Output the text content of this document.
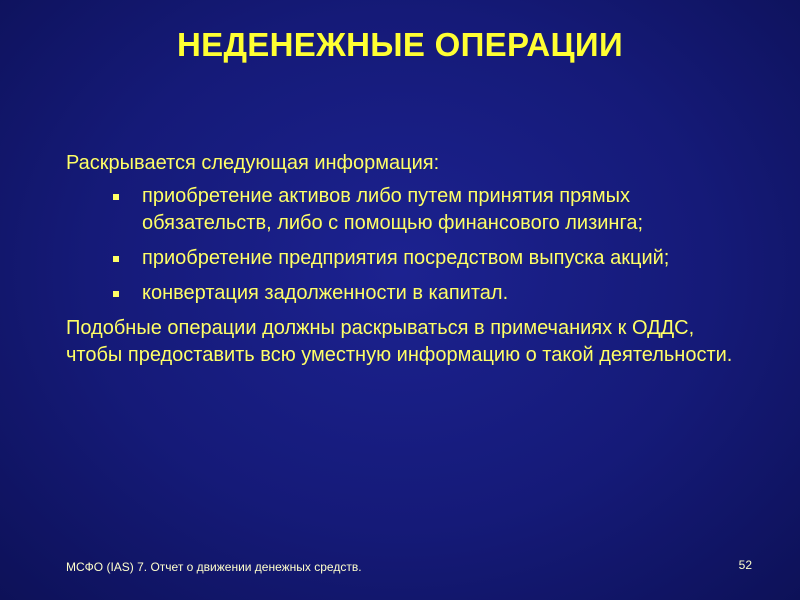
НЕДЕНЕЖНЫЕ ОПЕРАЦИИ

Раскрывается следующая информация:

приобретение активов либо путем принятия прямых обязательств, либо с помощью финансового лизинга;
приобретение предприятия посредством выпуска акций;
конвертация задолженности в капитал.

Подобные операции должны раскрываться в примечаниях к ОДДС, чтобы предоставить всю уместную информацию о такой деятельности.

МСФО (IAS) 7. Отчет о движении денежных средств.	52
